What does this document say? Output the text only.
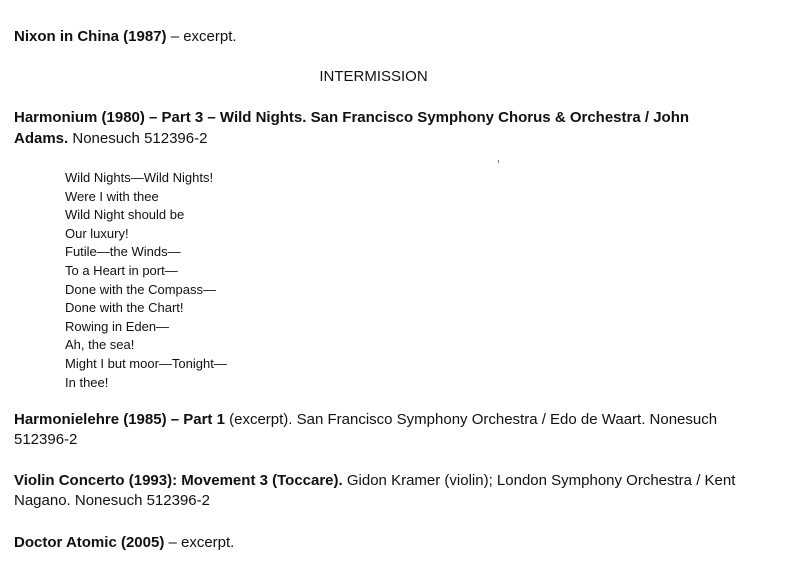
Nixon in China (1987) – excerpt.
INTERMISSION
Harmonium (1980) – Part 3 – Wild Nights. San Francisco Symphony Chorus & Orchestra / John
Adams. Nonesuch 512396-2
Wild Nights—Wild Nights!
Were I with thee
Wild Night should be
Our luxury!
Futile—the Winds—
To a Heart in port—
Done with the Compass—
Done with the Chart!
Rowing in Eden—
Ah, the sea!
Might I but moor—Tonight—
In thee!
Harmonielehre (1985) – Part 1 (excerpt). San Francisco Symphony Orchestra / Edo de Waart. Nonesuch
512396-2
Violin Concerto (1993): Movement 3 (Toccare). Gidon Kramer (violin); London Symphony Orchestra / Kent
Nagano. Nonesuch 512396-2
Doctor Atomic (2005) – excerpt.
